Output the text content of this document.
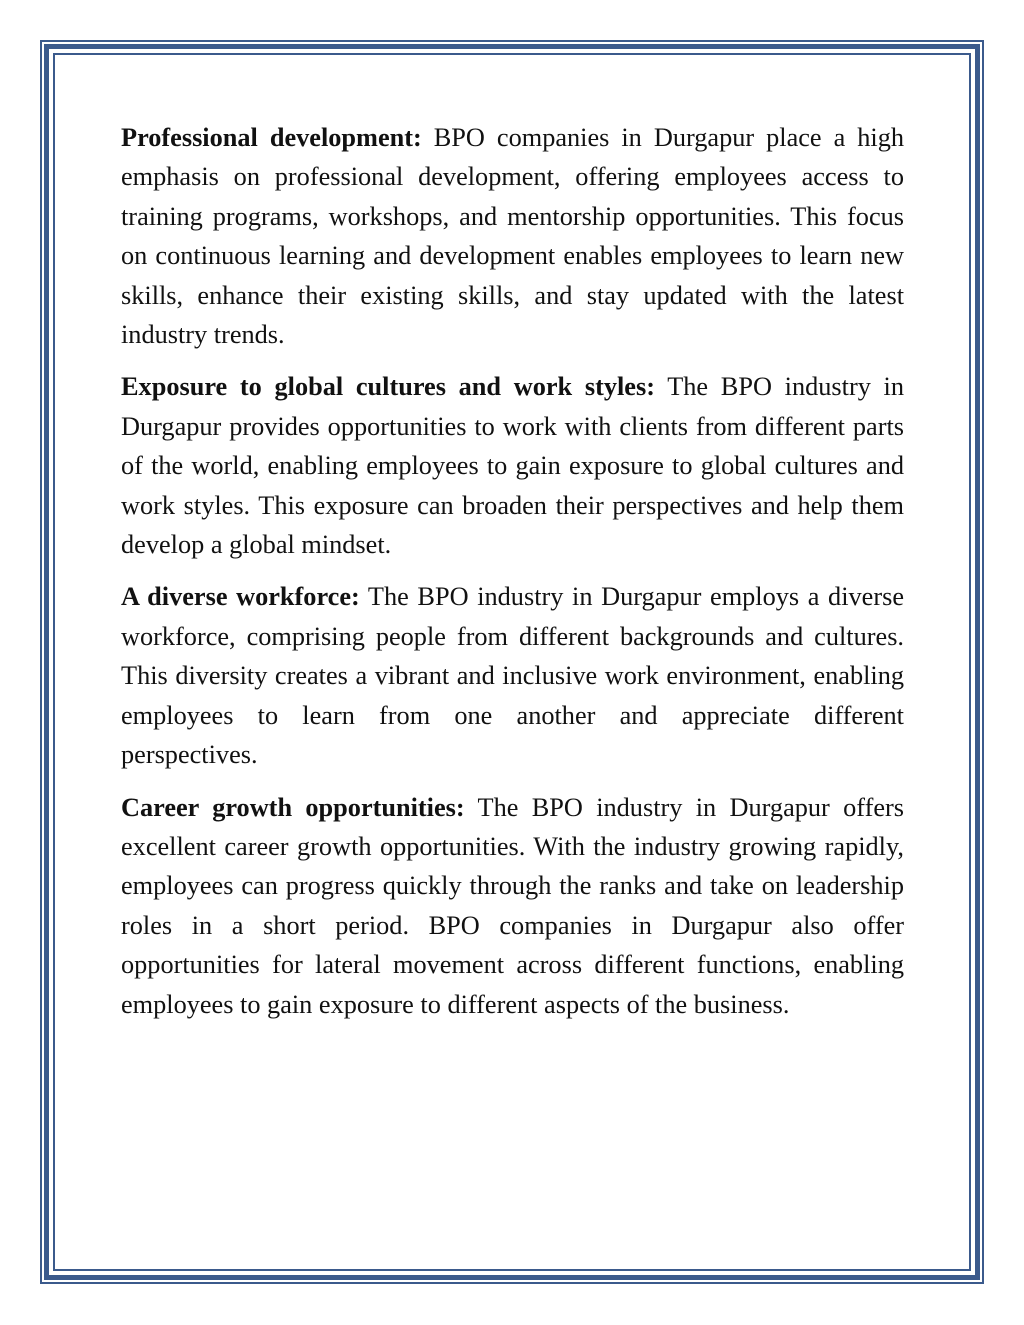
Professional development: BPO companies in Durgapur place a high emphasis on professional development, offering employees access to training programs, workshops, and mentorship opportunities. This focus on continuous learning and development enables employees to learn new skills, enhance their existing skills, and stay updated with the latest industry trends.

Exposure to global cultures and work styles: The BPO industry in Durgapur provides opportunities to work with clients from different parts of the world, enabling employees to gain exposure to global cultures and work styles. This exposure can broaden their perspectives and help them develop a global mindset.

A diverse workforce: The BPO industry in Durgapur employs a diverse workforce, comprising people from different backgrounds and cultures. This diversity creates a vibrant and inclusive work environment, enabling employees to learn from one another and appreciate different perspectives.

Career growth opportunities: The BPO industry in Durgapur offers excellent career growth opportunities. With the industry growing rapidly, employees can progress quickly through the ranks and take on leadership roles in a short period. BPO companies in Durgapur also offer opportunities for lateral movement across different functions, enabling employees to gain exposure to different aspects of the business.
